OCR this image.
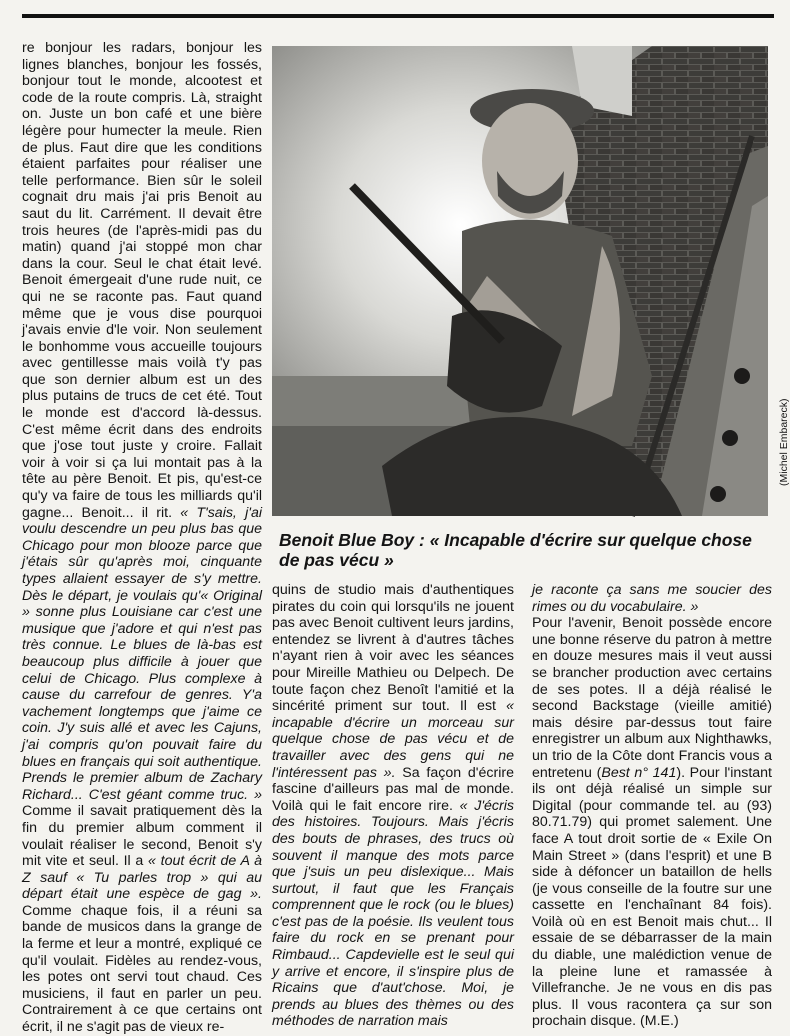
re bonjour les radars, bonjour les lignes blanches, bonjour les fossés, bonjour tout le monde, alcootest et code de la route compris. Là, straight on. Juste un bon café et une bière légère pour humecter la meule. Rien de plus. Faut dire que les conditions étaient parfaites pour réaliser une telle performance. Bien sûr le soleil cognait dru mais j'ai pris Benoit au saut du lit. Carrément. Il devait être trois heures (de l'après-midi pas du matin) quand j'ai stoppé mon char dans la cour. Seul le chat était levé. Benoit émergeait d'une rude nuit, ce qui ne se raconte pas. Faut quand même que je vous dise pourquoi j'avais envie d'le voir. Non seulement le bonhomme vous accueille toujours avec gentillesse mais voilà t'y pas que son dernier album est un des plus putains de trucs de cet été. Tout le monde est d'accord là-dessus. C'est même écrit dans des endroits que j'ose tout juste y croire. Fallait voir à voir si ça lui montait pas à la tête au père Benoit. Et pis, qu'est-ce qu'y va faire de tous les milliards qu'il gagne... Benoit... il rit. « T'sais, j'ai voulu descendre un peu plus bas que Chicago pour mon blooze parce que j'étais sûr qu'après moi, cinquante types allaient essayer de s'y mettre. Dès le départ, je voulais qu'« Original » sonne plus Louisiane car c'est une musique que j'adore et qui n'est pas très connue. Le blues de là-bas est beaucoup plus difficile à jouer que celui de Chicago. Plus complexe à cause du carrefour de genres. Y'a vachement longtemps que j'aime ce coin. J'y suis allé et avec les Cajuns, j'ai compris qu'on pouvait faire du blues en français qui soit authentique. Prends le premier album de Zachary Richard... C'est géant comme truc. » Comme il savait pratiquement dès la fin du premier album comment il voulait réaliser le second, Benoit s'y mit vite et seul. Il a « tout écrit de A à Z sauf « Tu parles trop » qui au départ était une espèce de gag ». Comme chaque fois, il a réuni sa bande de musicos dans la grange de la ferme et leur a montré, expliqué ce qu'il voulait. Fidèles au rendez-vous, les potes ont servi tout chaud. Ces musiciens, il faut en parler un peu. Contrairement à ce que certains ont écrit, il ne s'agit pas de vieux re-

(Michel Embareck)
Benoit Blue Boy : « Incapable d'écrire sur quelque chose de pas vécu »

quins de studio mais d'authentiques pirates du coin qui lorsqu'ils ne jouent pas avec Benoit cultivent leurs jardins, entendez se livrent à d'autres tâches n'ayant rien à voir avec les séances pour Mireille Mathieu ou Delpech. De toute façon chez Benoît l'amitié et la sincérité priment sur tout. Il est « incapable d'écrire un morceau sur quelque chose de pas vécu et de travailler avec des gens qui ne l'intéressent pas ». Sa façon d'écrire fascine d'ailleurs pas mal de monde. Voilà qui le fait encore rire. « J'écris des histoires. Toujours. Mais j'écris des bouts de phrases, des trucs où souvent il manque des mots parce que j'suis un peu dislexique... Mais surtout, il faut que les Français comprennent que le rock (ou le blues) c'est pas de la poésie. Ils veulent tous faire du rock en se prenant pour Rimbaud... Capdevielle est le seul qui y arrive et encore, il s'inspire plus de Ricains que d'aut'chose. Moi, je prends au blues des thèmes ou des méthodes de narration mais

je raconte ça sans me soucier des rimes ou du vocabulaire. »

Pour l'avenir, Benoit possède encore une bonne réserve du patron à mettre en douze mesures mais il veut aussi se brancher production avec certains de ses potes. Il a déjà réalisé le second Backstage (vieille amitié) mais désire par-dessus tout faire enregistrer un album aux Nighthawks, un trio de la Côte dont Francis vous a entretenu (Best n° 141). Pour l'instant ils ont déjà réalisé un simple sur Digital (pour commande tel. au (93) 80.71.79) qui promet salement. Une face A tout droit sortie de « Exile On Main Street » (dans l'esprit) et une B side à défoncer un bataillon de hells (je vous conseille de la foutre sur une cassette en l'enchaînant 84 fois). Voilà où en est Benoit mais chut... Il essaie de se débarrasser de la main du diable, une malédiction venue de la pleine lune et ramassée à Villefranche. Je ne vous en dis pas plus. Il vous racontera ça sur son prochain disque. (M.E.)
